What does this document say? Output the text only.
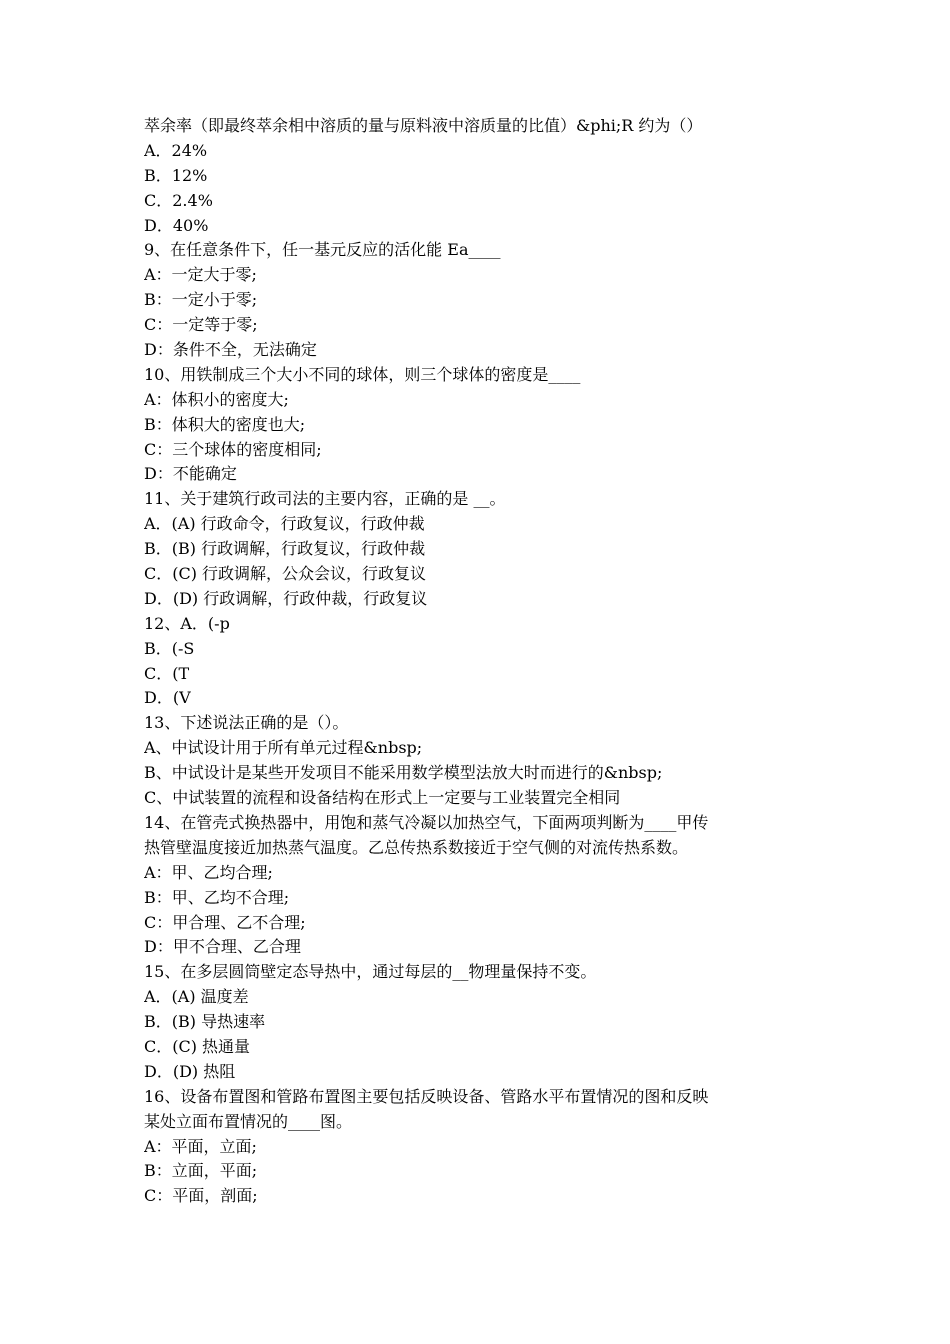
萃余率（即最终萃余相中溶质的量与原料液中溶质量的比值）&phi;R 约为（）
A．24%
B．12%
C．2.4%
D．40%
9、在任意条件下，任一基元反应的活化能 Ea____
A：一定大于零;
B：一定小于零;
C：一定等于零;
D：条件不全，无法确定
10、用铁制成三个大小不同的球体，则三个球体的密度是____
A：体积小的密度大;
B：体积大的密度也大;
C：三个球体的密度相同;
D：不能确定
11、关于建筑行政司法的主要内容，正确的是 __。
A．(A) 行政命令，行政复议，行政仲裁
B．(B) 行政调解，行政复议，行政仲裁
C．(C) 行政调解，公众会议，行政复议
D．(D) 行政调解，行政仲裁，行政复议
12、A．(-p
B．(-S
C．(T
D．(V
13、下述说法正确的是（）。
A、中试设计用于所有单元过程&nbsp;
B、中试设计是某些开发项目不能采用数学模型法放大时而进行的&nbsp;
C、中试装置的流程和设备结构在形式上一定要与工业装置完全相同
14、在管壳式换热器中，用饱和蒸气冷凝以加热空气，下面两项判断为____甲传
热管壁温度接近加热蒸气温度。乙总传热系数接近于空气侧的对流传热系数。
A：甲、乙均合理;
B：甲、乙均不合理;
C：甲合理、乙不合理;
D：甲不合理、乙合理
15、在多层圆筒壁定态导热中，通过每层的__物理量保持不变。
A．(A) 温度差
B．(B) 导热速率
C．(C) 热通量
D．(D) 热阻
16、设备布置图和管路布置图主要包括反映设备、管路水平布置情况的图和反映
某处立面布置情况的____图。
A：平面，立面;
B：立面，平面;
C：平面，剖面;
